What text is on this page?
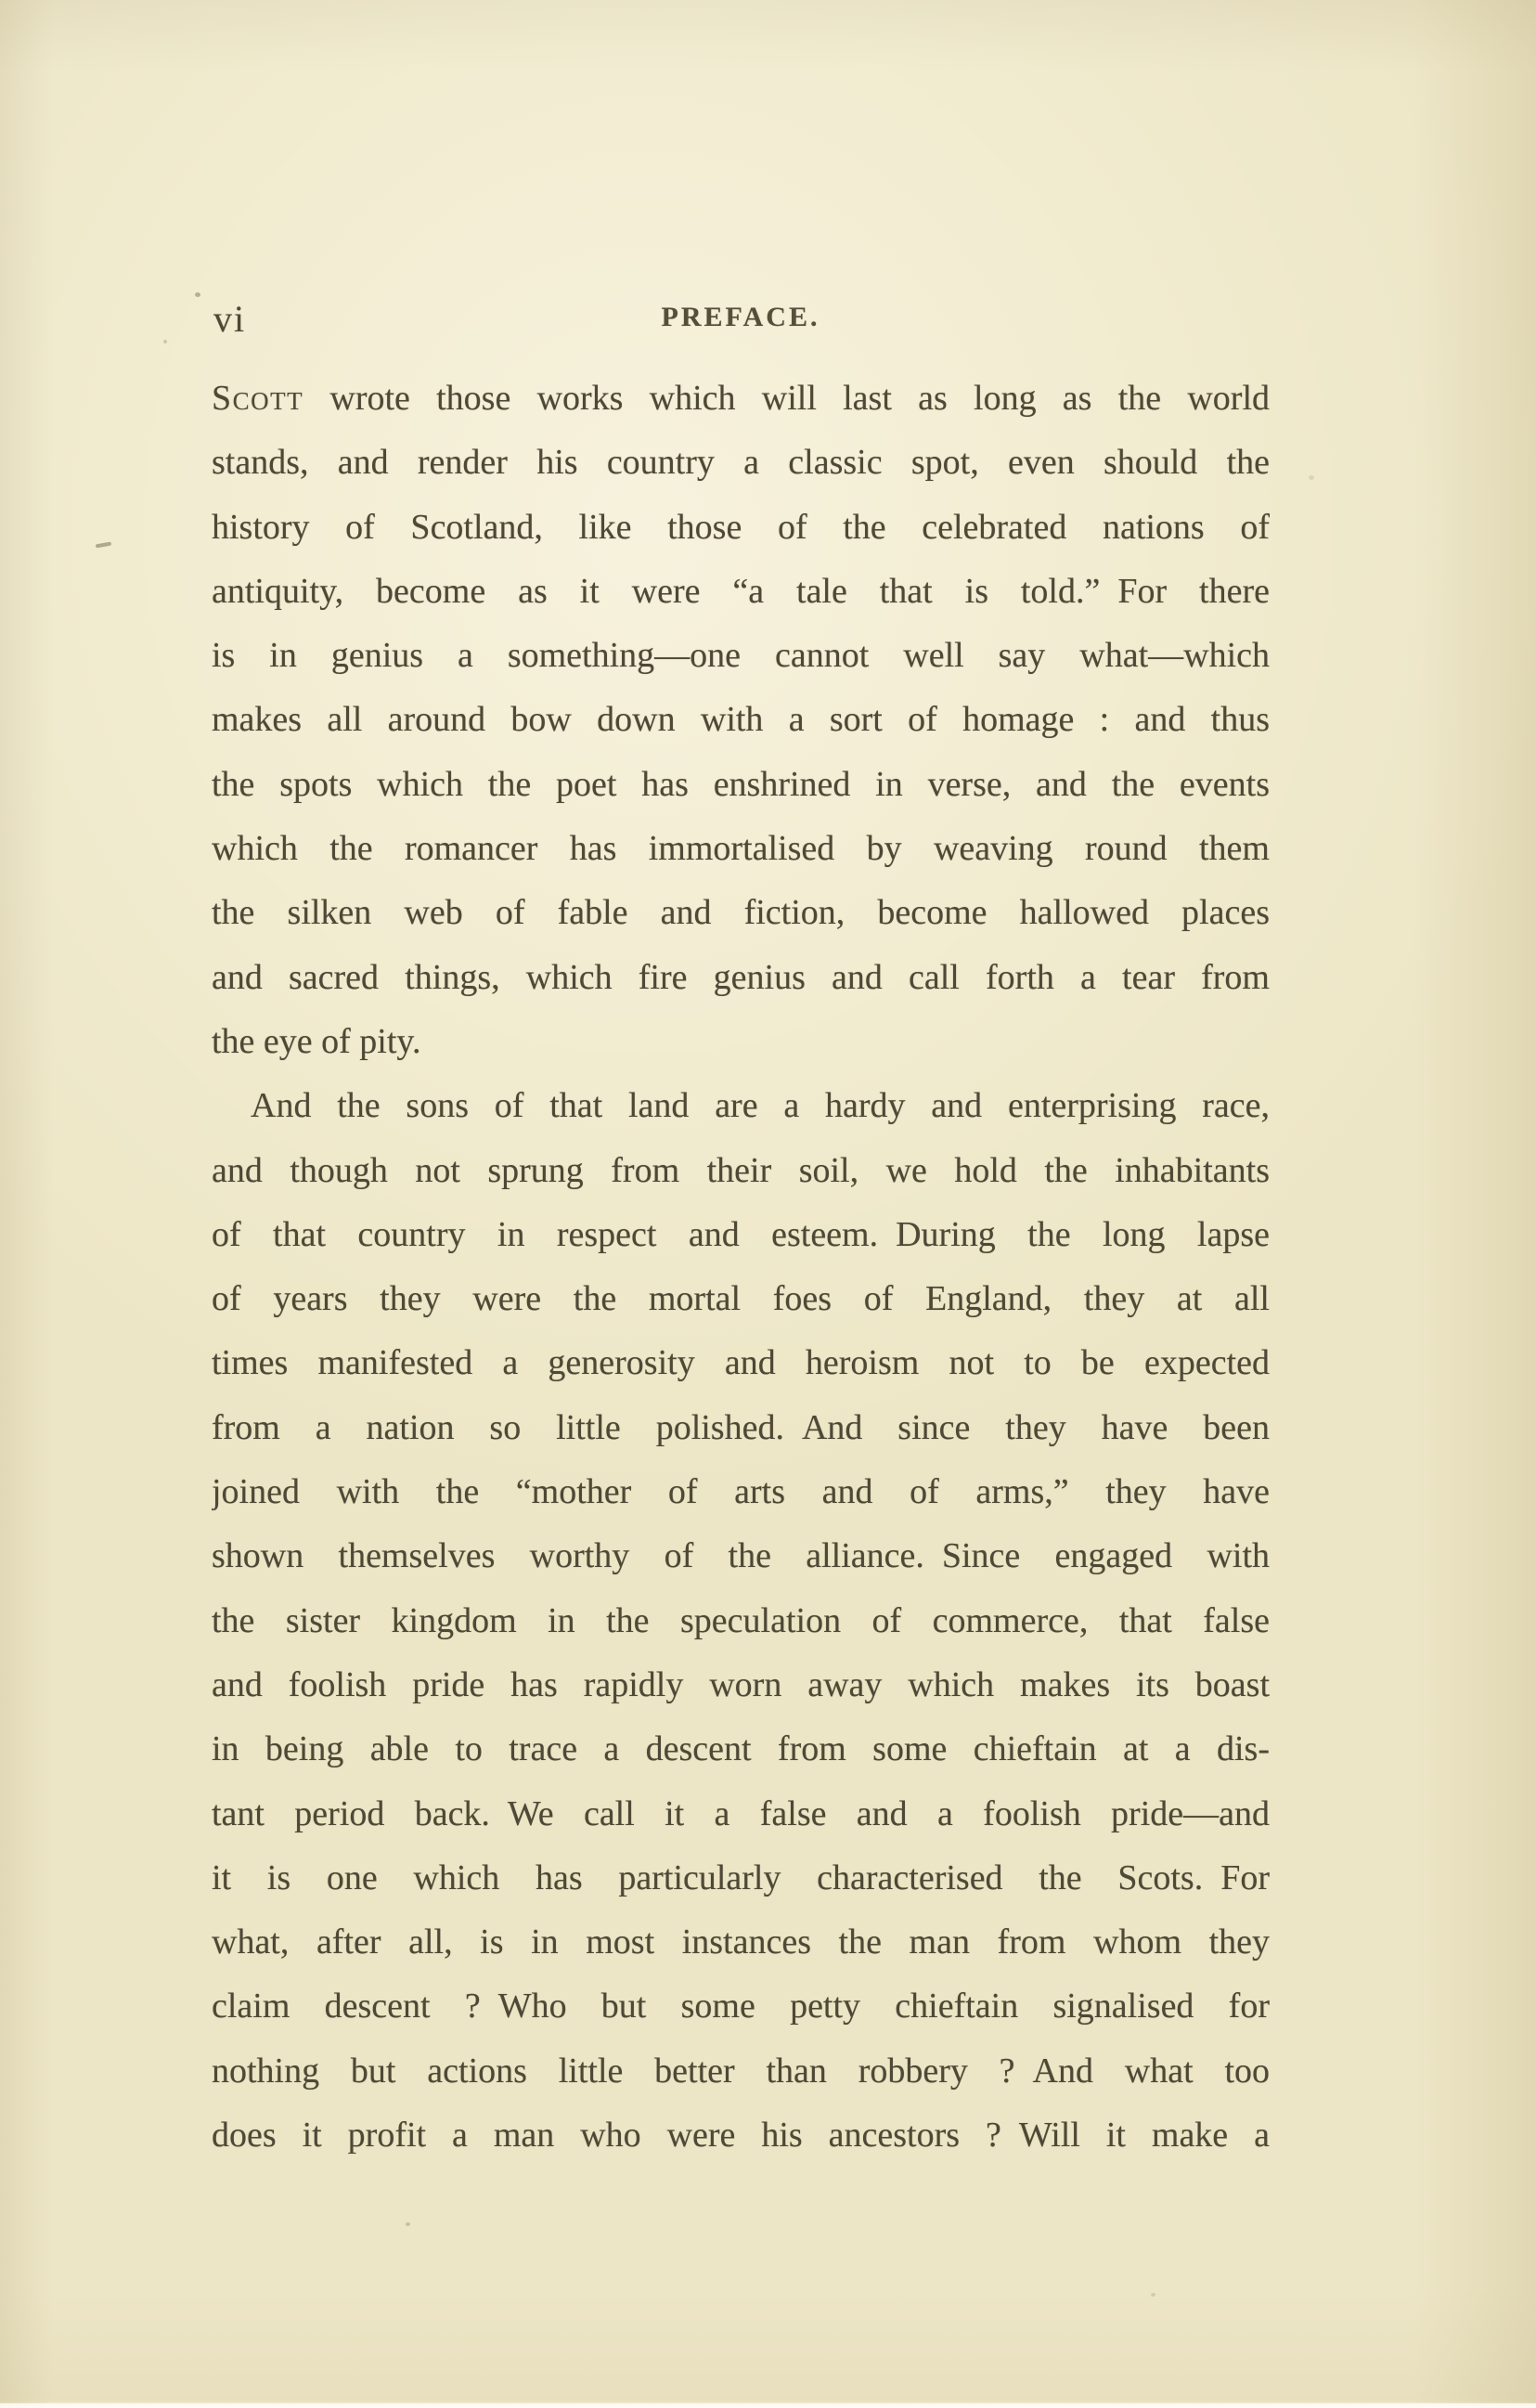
vi	PREFACE.
Scott wrote those works which will last as long as the world
stands, and render his country a classic spot, even should the
history of Scotland, like those of the celebrated nations of
antiquity, become as it were “a tale that is told.” For there
is in genius a something—one cannot well say what—which
makes all around bow down with a sort of homage : and thus
the spots which the poet has enshrined in verse, and the events
which the romancer has immortalised by weaving round them
the silken web of fable and fiction, become hallowed places
and sacred things, which fire genius and call forth a tear from
the eye of pity.
And the sons of that land are a hardy and enterprising race,
and though not sprung from their soil, we hold the inhabitants
of that country in respect and esteem. During the long lapse
of years they were the mortal foes of England, they at all
times manifested a generosity and heroism not to be expected
from a nation so little polished. And since they have been
joined with the “mother of arts and of arms,” they have
shown themselves worthy of the alliance. Since engaged with
the sister kingdom in the speculation of commerce, that false
and foolish pride has rapidly worn away which makes its boast
in being able to trace a descent from some chieftain at a dis-
tant period back. We call it a false and a foolish pride—and
it is one which has particularly characterised the Scots. For
what, after all, is in most instances the man from whom they
claim descent ? Who but some petty chieftain signalised for
nothing but actions little better than robbery ? And what too
does it profit a man who were his ancestors ? Will it make a
